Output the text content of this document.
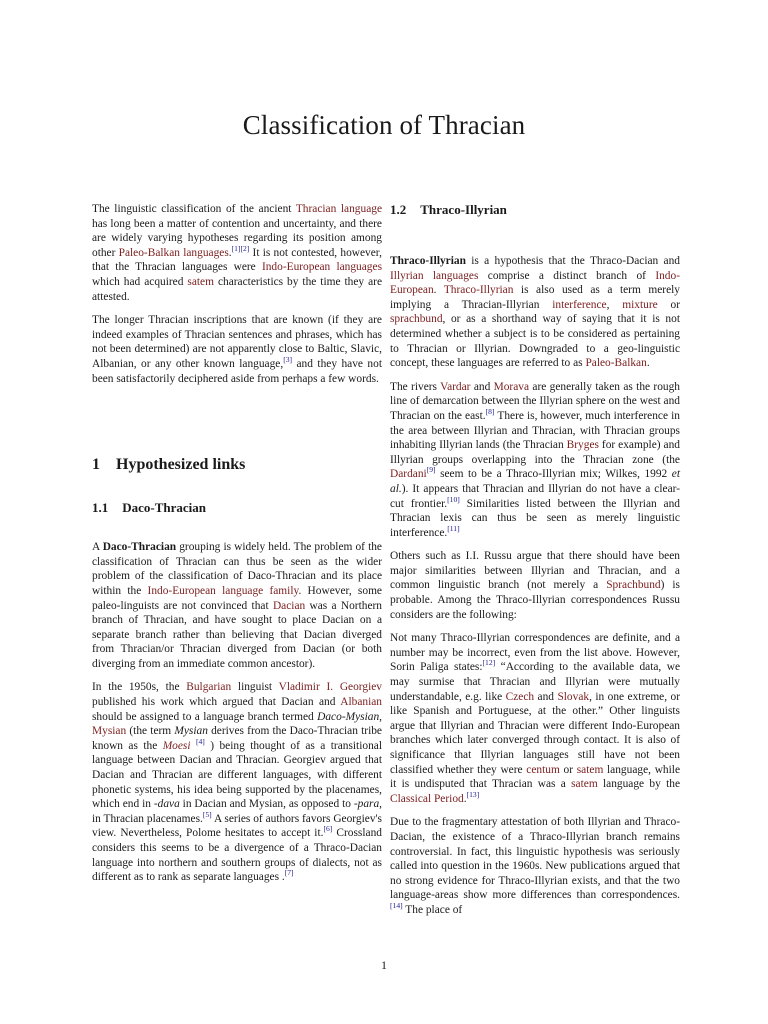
Classification of Thracian

The linguistic classification of the ancient Thracian language has long been a matter of contention and uncertainty, and there are widely varying hypotheses regarding its position among other Paleo-Balkan languages.[1][2] It is not contested, however, that the Thracian languages were Indo-European languages which had acquired satem characteristics by the time they are attested.

The longer Thracian inscriptions that are known (if they are indeed examples of Thracian sentences and phrases, which has not been determined) are not apparently close to Baltic, Slavic, Albanian, or any other known language,[3] and they have not been satisfactorily deciphered aside from perhaps a few words.

1 Hypothesized links
1.1 Daco-Thracian

A Daco-Thracian grouping is widely held. The problem of the classification of Thracian can thus be seen as the wider problem of the classification of Daco-Thracian and its place within the Indo-European language family. However, some paleo-linguists are not convinced that Dacian was a Northern branch of Thracian, and have sought to place Dacian on a separate branch rather than believing that Dacian diverged from Thracian/or Thracian diverged from Dacian (or both diverging from an immediate common ancestor).

In the 1950s, the Bulgarian linguist Vladimir I. Georgiev published his work which argued that Dacian and Albanian should be assigned to a language branch termed Daco-Mysian, Mysian (the term Mysian derives from the Daco-Thracian tribe known as the Moesi [4] ) being thought of as a transitional language between Dacian and Thracian. Georgiev argued that Dacian and Thracian are different languages, with different phonetic systems, his idea being supported by the placenames, which end in -dava in Dacian and Mysian, as opposed to -para, in Thracian placenames.[5] A series of authors favors Georgiev's view. Nevertheless, Polome hesitates to accept it.[6] Crossland considers this seems to be a divergence of a Thraco-Dacian language into northern and southern groups of dialects, not as different as to rank as separate languages .[7]

1.2 Thraco-Illyrian

Thraco-Illyrian is a hypothesis that the Thraco-Dacian and Illyrian languages comprise a distinct branch of Indo-European. Thraco-Illyrian is also used as a term merely implying a Thracian-Illyrian interference, mixture or sprachbund, or as a shorthand way of saying that it is not determined whether a subject is to be considered as pertaining to Thracian or Illyrian. Downgraded to a geo-linguistic concept, these languages are referred to as Paleo-Balkan.

The rivers Vardar and Morava are generally taken as the rough line of demarcation between the Illyrian sphere on the west and Thracian on the east.[8] There is, however, much interference in the area between Illyrian and Thracian, with Thracian groups inhabiting Illyrian lands (the Thracian Bryges for example) and Illyrian groups overlapping into the Thracian zone (the Dardani[9] seem to be a Thraco-Illyrian mix; Wilkes, 1992 et al.). It appears that Thracian and Illyrian do not have a clear-cut frontier.[10] Similarities listed between the Illyrian and Thracian lexis can thus be seen as merely linguistic interference.[11]

Others such as I.I. Russu argue that there should have been major similarities between Illyrian and Thracian, and a common linguistic branch (not merely a Sprachbund) is probable. Among the Thraco-Illyrian correspondences Russu considers are the following:

Not many Thraco-Illyrian correspondences are definite, and a number may be incorrect, even from the list above. However, Sorin Paliga states:[12] “According to the available data, we may surmise that Thracian and Illyrian were mutually understandable, e.g. like Czech and Slovak, in one extreme, or like Spanish and Portuguese, at the other.” Other linguists argue that Illyrian and Thracian were different Indo-European branches which later converged through contact. It is also of significance that Illyrian languages still have not been classified whether they were centum or satem language, while it is undisputed that Thracian was a satem language by the Classical Period.[13]

Due to the fragmentary attestation of both Illyrian and Thraco-Dacian, the existence of a Thraco-Illyrian branch remains controversial. In fact, this linguistic hypothesis was seriously called into question in the 1960s. New publications argued that no strong evidence for Thraco-Illyrian exists, and that the two language-areas show more differences than correspondences.[14] The place of

1
